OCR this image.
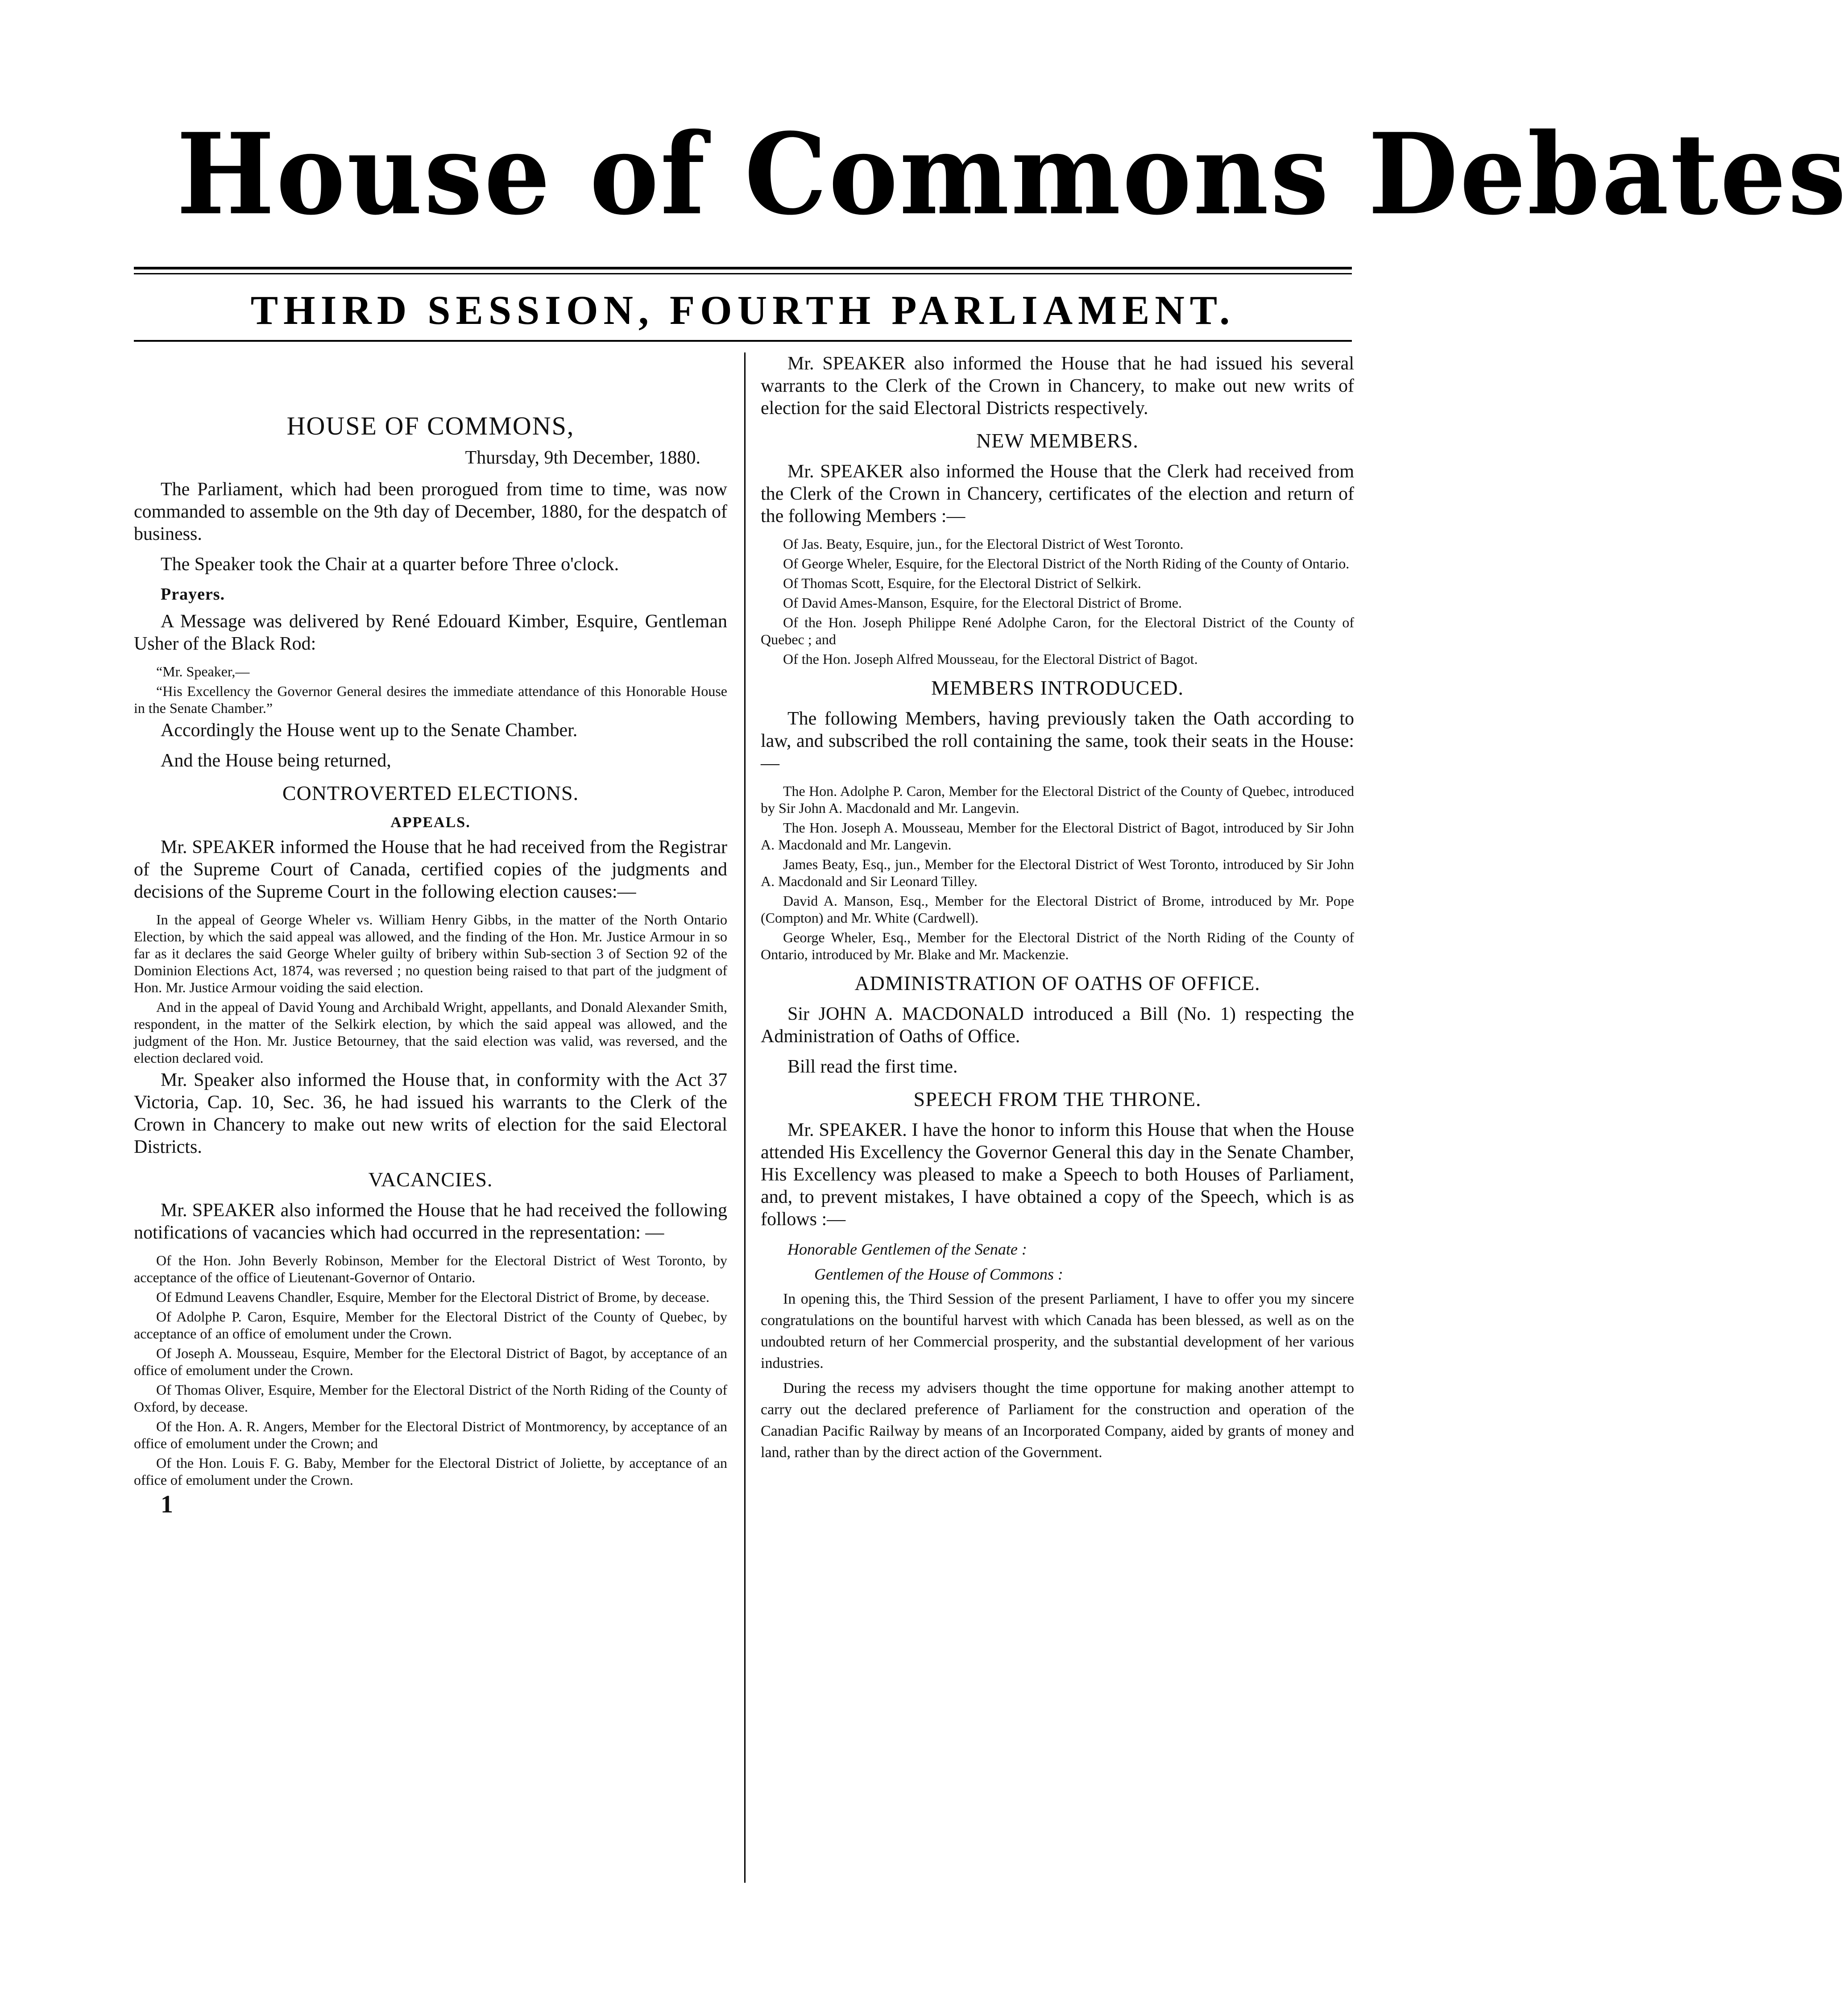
House of Commons Debates
THIRD SESSION, FOURTH PARLIAMENT.

HOUSE OF COMMONS,

Thursday, 9th December, 1880.

The Parliament, which had been prorogued from time to time, was now commanded to assemble on the 9th day of December, 1880, for the despatch of business.

The Speaker took the Chair at a quarter before Three o'clock.

Prayers.

A Message was delivered by René Edouard Kimber, Esquire, Gentleman Usher of the Black Rod:

“Mr. Speaker,—

“His Excellency the Governor General desires the immediate attendance of this Honorable House in the Senate Chamber.”

Accordingly the House went up to the Senate Chamber.

And the House being returned,

CONTROVERTED ELECTIONS.

APPEALS.

Mr. SPEAKER informed the House that he had received from the Registrar of the Supreme Court of Canada, certified copies of the judgments and decisions of the Supreme Court in the following election causes:—

In the appeal of George Wheler vs. William Henry Gibbs, in the matter of the North Ontario Election, by which the said appeal was allowed, and the finding of the Hon. Mr. Justice Armour in so far as it declares the said George Wheler guilty of bribery within Sub-section 3 of Section 92 of the Dominion Elections Act, 1874, was reversed ; no question being raised to that part of the judgment of Hon. Mr. Justice Armour voiding the said election.

And in the appeal of David Young and Archibald Wright, appellants, and Donald Alexander Smith, respondent, in the matter of the Selkirk election, by which the said appeal was allowed, and the judgment of the Hon. Mr. Justice Betourney, that the said election was valid, was reversed, and the election declared void.

Mr. Speaker also informed the House that, in conformity with the Act 37 Victoria, Cap. 10, Sec. 36, he had issued his warrants to the Clerk of the Crown in Chancery to make out new writs of election for the said Electoral Districts.

VACANCIES.

Mr. SPEAKER also informed the House that he had received the following notifications of vacancies which had occurred in the representation: —

Of the Hon. John Beverly Robinson, Member for the Electoral District of West Toronto, by acceptance of the office of Lieutenant-Governor of Ontario.

Of Edmund Leavens Chandler, Esquire, Member for the Electoral District of Brome, by decease.

Of Adolphe P. Caron, Esquire, Member for the Electoral District of the County of Quebec, by acceptance of an office of emolument under the Crown.

Of Joseph A. Mousseau, Esquire, Member for the Electoral District of Bagot, by acceptance of an office of emolument under the Crown.

Of Thomas Oliver, Esquire, Member for the Electoral District of the North Riding of the County of Oxford, by decease.

Of the Hon. A. R. Angers, Member for the Electoral District of Montmorency, by acceptance of an office of emolument under the Crown; and

Of the Hon. Louis F. G. Baby, Member for the Electoral District of Joliette, by acceptance of an office of emolument under the Crown.

1

Mr. SPEAKER also informed the House that he had issued his several warrants to the Clerk of the Crown in Chancery, to make out new writs of election for the said Electoral Districts respectively.

NEW MEMBERS.

Mr. SPEAKER also informed the House that the Clerk had received from the Clerk of the Crown in Chancery, certificates of the election and return of the following Members :—

Of Jas. Beaty, Esquire, jun., for the Electoral District of West Toronto.

Of George Wheler, Esquire, for the Electoral District of the North Riding of the County of Ontario.

Of Thomas Scott, Esquire, for the Electoral District of Selkirk.

Of David Ames-Manson, Esquire, for the Electoral District of Brome.

Of the Hon. Joseph Philippe René Adolphe Caron, for the Electoral District of the County of Quebec ; and

Of the Hon. Joseph Alfred Mousseau, for the Electoral District of Bagot.

MEMBERS INTRODUCED.

The following Members, having previously taken the Oath according to law, and subscribed the roll containing the same, took their seats in the House:—

The Hon. Adolphe P. Caron, Member for the Electoral District of the County of Quebec, introduced by Sir John A. Macdonald and Mr. Langevin.

The Hon. Joseph A. Mousseau, Member for the Electoral District of Bagot, introduced by Sir John A. Macdonald and Mr. Langevin.

James Beaty, Esq., jun., Member for the Electoral District of West Toronto, introduced by Sir John A. Macdonald and Sir Leonard Tilley.

David A. Manson, Esq., Member for the Electoral District of Brome, introduced by Mr. Pope (Compton) and Mr. White (Cardwell).

George Wheler, Esq., Member for the Electoral District of the North Riding of the County of Ontario, introduced by Mr. Blake and Mr. Mackenzie.

ADMINISTRATION OF OATHS OF OFFICE.

Sir JOHN A. MACDONALD introduced a Bill (No. 1) respecting the Administration of Oaths of Office.

Bill read the first time.

SPEECH FROM THE THRONE.

Mr. SPEAKER. I have the honor to inform this House that when the House attended His Excellency the Governor General this day in the Senate Chamber, His Excellency was pleased to make a Speech to both Houses of Parliament, and, to prevent mistakes, I have obtained a copy of the Speech, which is as follows :—

Honorable Gentlemen of the Senate :

Gentlemen of the House of Commons :

In opening this, the Third Session of the present Parliament, I have to offer you my sincere congratulations on the bountiful harvest with which Canada has been blessed, as well as on the undoubted return of her Commercial prosperity, and the substantial development of her various industries.

During the recess my advisers thought the time opportune for making another attempt to carry out the declared preference of Parliament for the construction and operation of the Canadian Pacific Railway by means of an Incorporated Company, aided by grants of money and land, rather than by the direct action of the Government.
